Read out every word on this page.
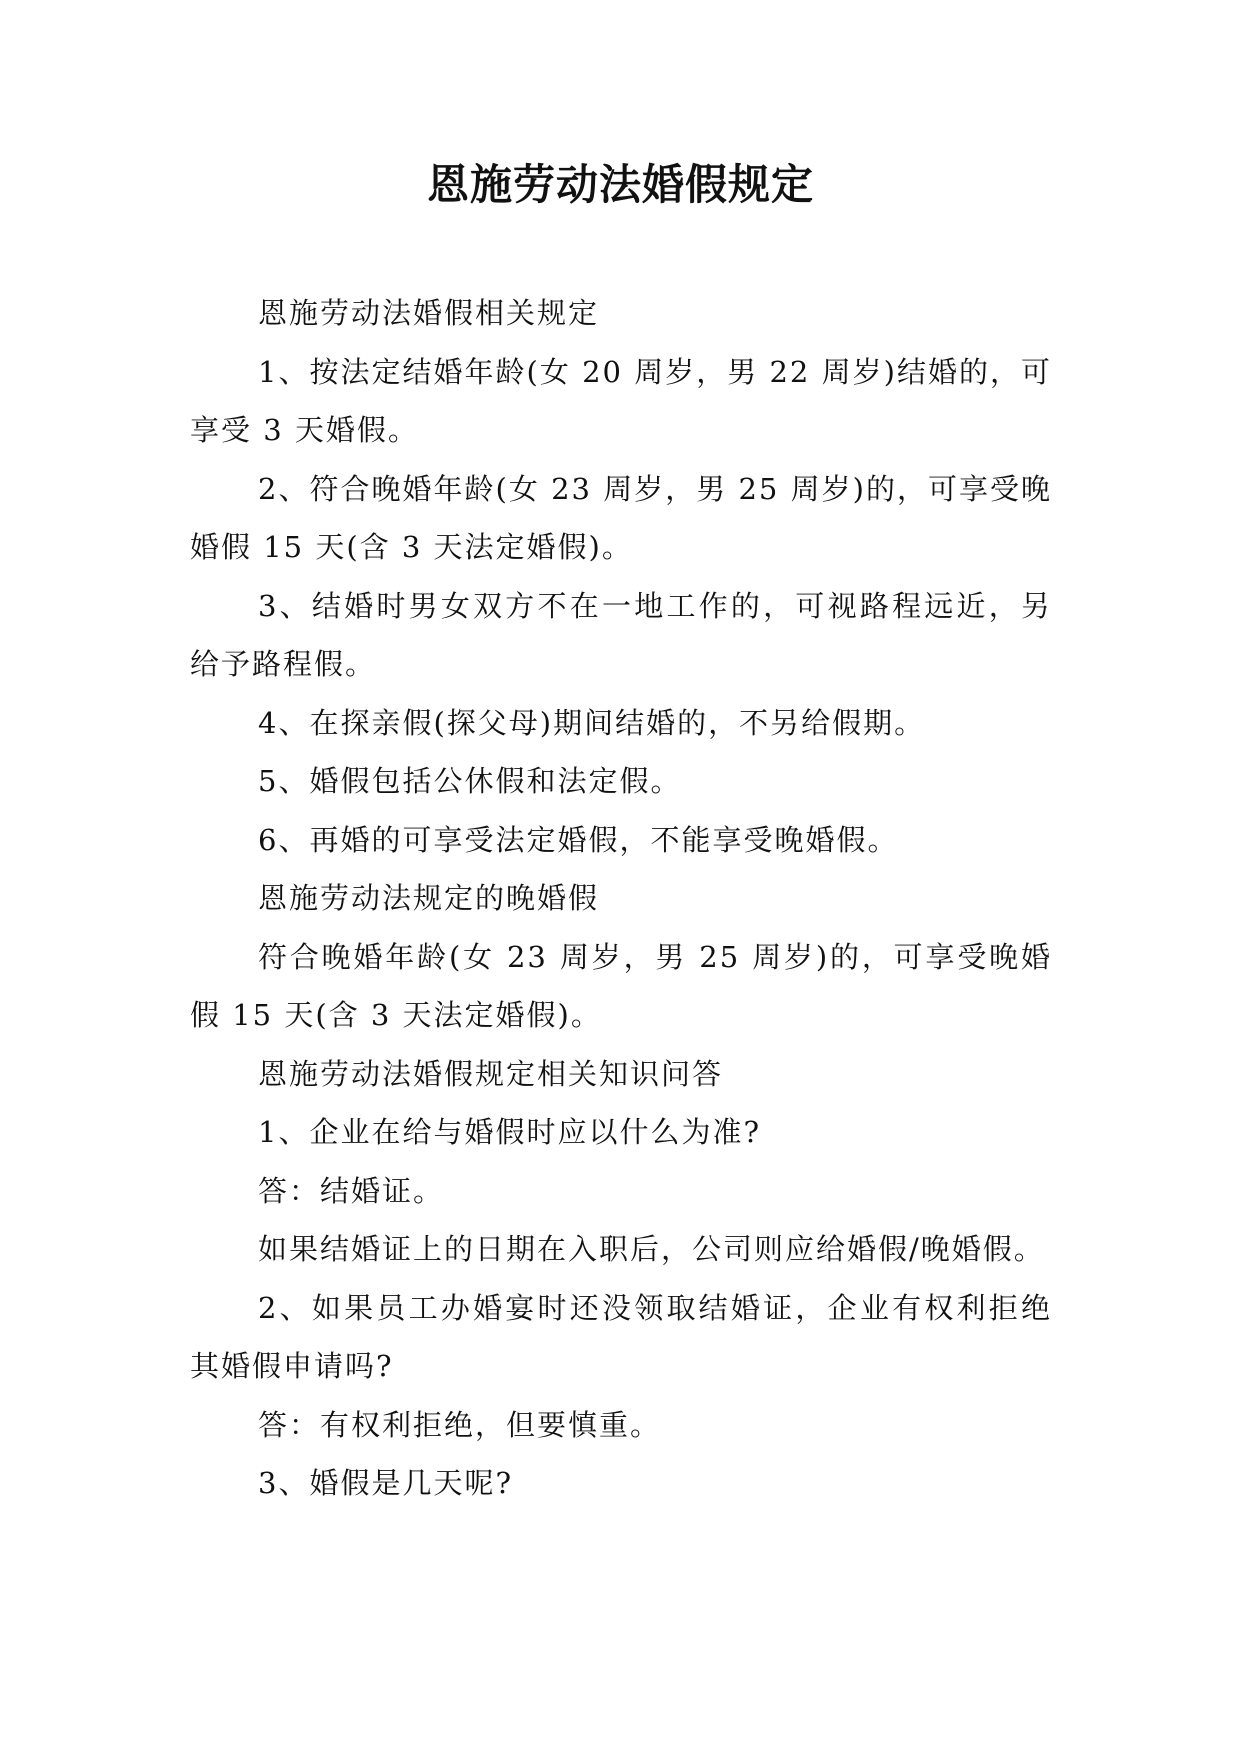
恩施劳动法婚假规定

恩施劳动法婚假相关规定

1、按法定结婚年龄(女 20 周岁，男 22 周岁)结婚的，可享受 3 天婚假。

2、符合晚婚年龄(女 23 周岁，男 25 周岁)的，可享受晚婚假 15 天(含 3 天法定婚假)。

3、结婚时男女双方不在一地工作的，可视路程远近，另给予路程假。

4、在探亲假(探父母)期间结婚的，不另给假期。

5、婚假包括公休假和法定假。

6、再婚的可享受法定婚假，不能享受晚婚假。

恩施劳动法规定的晚婚假

符合晚婚年龄(女 23 周岁，男 25 周岁)的，可享受晚婚假 15 天(含 3 天法定婚假)。

恩施劳动法婚假规定相关知识问答

1、企业在给与婚假时应以什么为准?

答：结婚证。

如果结婚证上的日期在入职后，公司则应给婚假/晚婚假。

2、如果员工办婚宴时还没领取结婚证，企业有权利拒绝其婚假申请吗?

答：有权利拒绝，但要慎重。

3、婚假是几天呢?
